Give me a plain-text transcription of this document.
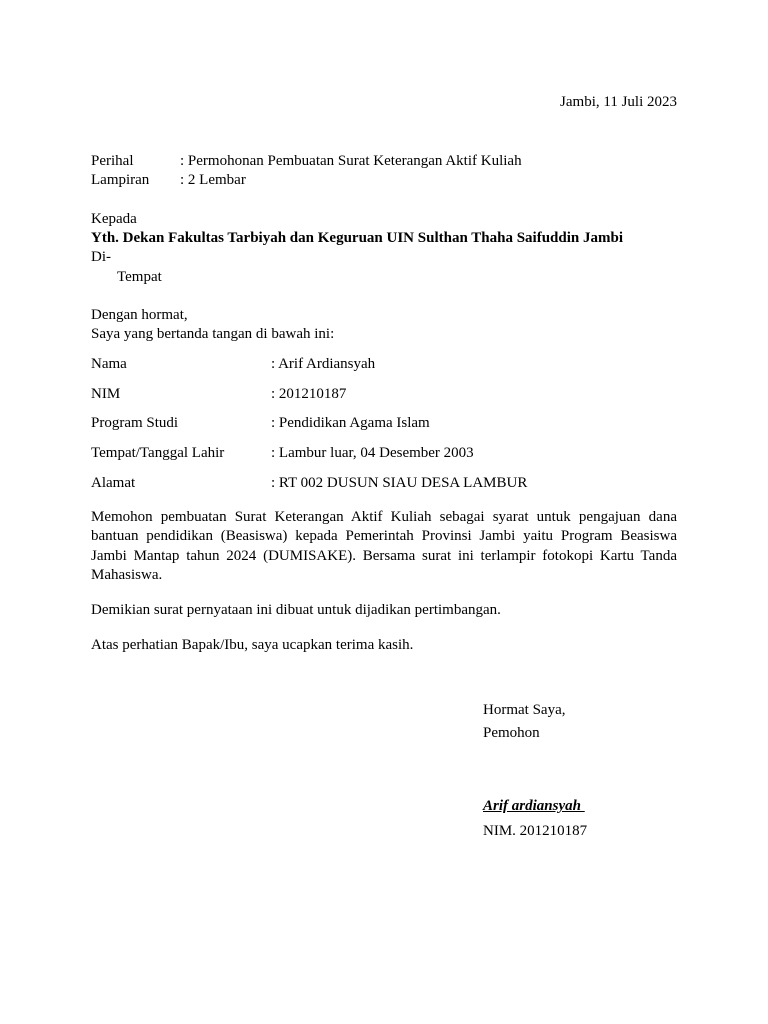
Jambi, 11 Juli 2023
Perihal	: Permohonan Pembuatan Surat Keterangan Aktif Kuliah
Lampiran : 2 Lembar
Kepada
Yth. Dekan Fakultas Tarbiyah dan Keguruan UIN Sulthan Thaha Saifuddin Jambi
Di-
Tempat
Dengan hormat,
Saya yang bertanda tangan di bawah ini:
Nama	: Arif Ardiansyah
NIM	: 201210187
Program Studi	: Pendidikan Agama Islam
Tempat/Tanggal Lahir	: Lambur luar, 04 Desember 2003
Alamat	: RT 002 DUSUN SIAU DESA LAMBUR
Memohon pembuatan Surat Keterangan Aktif Kuliah sebagai syarat untuk pengajuan dana bantuan pendidikan (Beasiswa) kepada Pemerintah Provinsi Jambi yaitu Program Beasiswa Jambi Mantap tahun 2024 (DUMISAKE). Bersama surat ini terlampir fotokopi Kartu Tanda Mahasiswa.
Demikian surat pernyataan ini dibuat untuk dijadikan pertimbangan.
Atas perhatian Bapak/Ibu, saya ucapkan terima kasih.
Hormat Saya,
Pemohon
Arif ardiansyah
NIM. 201210187
